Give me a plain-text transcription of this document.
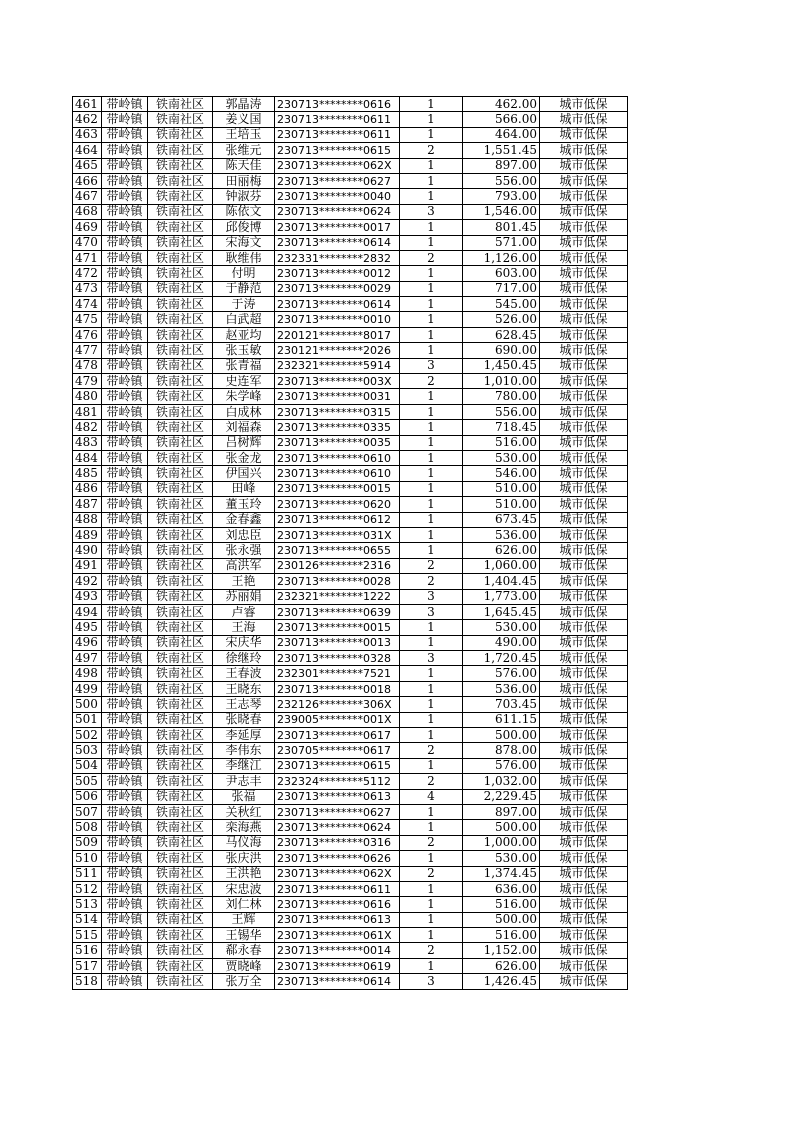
461	带岭镇	铁南社区	郭晶涛	230713********0616	1	462.00	城市低保
462	带岭镇	铁南社区	姜义国	230713********0611	1	566.00	城市低保
463	带岭镇	铁南社区	王培玉	230713********0611	1	464.00	城市低保
464	带岭镇	铁南社区	张维元	230713********0615	2	1,551.45	城市低保
465	带岭镇	铁南社区	陈天佳	230713********062X	1	897.00	城市低保
466	带岭镇	铁南社区	田丽梅	230713********0627	1	556.00	城市低保
467	带岭镇	铁南社区	钟淑芬	230713********0040	1	793.00	城市低保
468	带岭镇	铁南社区	陈依文	230713********0624	3	1,546.00	城市低保
469	带岭镇	铁南社区	邱俊博	230713********0017	1	801.45	城市低保
470	带岭镇	铁南社区	宋海文	230713********0614	1	571.00	城市低保
471	带岭镇	铁南社区	耿维伟	232331********2832	2	1,126.00	城市低保
472	带岭镇	铁南社区	付明	230713********0012	1	603.00	城市低保
473	带岭镇	铁南社区	于静范	230713********0029	1	717.00	城市低保
474	带岭镇	铁南社区	于涛	230713********0614	1	545.00	城市低保
475	带岭镇	铁南社区	白武超	230713********0010	1	526.00	城市低保
476	带岭镇	铁南社区	赵亚均	220121********8017	1	628.45	城市低保
477	带岭镇	铁南社区	张玉敏	230121********2026	1	690.00	城市低保
478	带岭镇	铁南社区	张青福	232321********5914	3	1,450.45	城市低保
479	带岭镇	铁南社区	史连军	230713********003X	2	1,010.00	城市低保
480	带岭镇	铁南社区	朱学峰	230713********0031	1	780.00	城市低保
481	带岭镇	铁南社区	白成林	230713********0315	1	556.00	城市低保
482	带岭镇	铁南社区	刘福森	230713********0335	1	718.45	城市低保
483	带岭镇	铁南社区	吕树辉	230713********0035	1	516.00	城市低保
484	带岭镇	铁南社区	张金龙	230713********0610	1	530.00	城市低保
485	带岭镇	铁南社区	伊国兴	230713********0610	1	546.00	城市低保
486	带岭镇	铁南社区	田峰	230713********0015	1	510.00	城市低保
487	带岭镇	铁南社区	董玉玲	230713********0620	1	510.00	城市低保
488	带岭镇	铁南社区	金春鑫	230713********0612	1	673.45	城市低保
489	带岭镇	铁南社区	刘忠臣	230713********031X	1	536.00	城市低保
490	带岭镇	铁南社区	张永强	230713********0655	1	626.00	城市低保
491	带岭镇	铁南社区	高洪军	230126********2316	2	1,060.00	城市低保
492	带岭镇	铁南社区	王艳	230713********0028	2	1,404.45	城市低保
493	带岭镇	铁南社区	苏丽娟	232321********1222	3	1,773.00	城市低保
494	带岭镇	铁南社区	卢睿	230713********0639	3	1,645.45	城市低保
495	带岭镇	铁南社区	王海	230713********0015	1	530.00	城市低保
496	带岭镇	铁南社区	宋庆华	230713********0013	1	490.00	城市低保
497	带岭镇	铁南社区	徐继玲	230713********0328	3	1,720.45	城市低保
498	带岭镇	铁南社区	王春波	232301********7521	1	576.00	城市低保
499	带岭镇	铁南社区	王晓东	230713********0018	1	536.00	城市低保
500	带岭镇	铁南社区	王志琴	232126********306X	1	703.45	城市低保
501	带岭镇	铁南社区	张晓春	239005********001X	1	611.15	城市低保
502	带岭镇	铁南社区	李延厚	230713********0617	1	500.00	城市低保
503	带岭镇	铁南社区	李伟东	230705********0617	2	878.00	城市低保
504	带岭镇	铁南社区	李继江	230713********0615	1	576.00	城市低保
505	带岭镇	铁南社区	尹志丰	232324********5112	2	1,032.00	城市低保
506	带岭镇	铁南社区	张福	230713********0613	4	2,229.45	城市低保
507	带岭镇	铁南社区	关秋红	230713********0627	1	897.00	城市低保
508	带岭镇	铁南社区	栾海燕	230713********0624	1	500.00	城市低保
509	带岭镇	铁南社区	马仪海	230713********0316	2	1,000.00	城市低保
510	带岭镇	铁南社区	张庆洪	230713********0626	1	530.00	城市低保
511	带岭镇	铁南社区	王洪艳	230713********062X	2	1,374.45	城市低保
512	带岭镇	铁南社区	宋忠波	230713********0611	1	636.00	城市低保
513	带岭镇	铁南社区	刘仁林	230713********0616	1	516.00	城市低保
514	带岭镇	铁南社区	王辉	230713********0613	1	500.00	城市低保
515	带岭镇	铁南社区	王锡华	230713********061X	1	516.00	城市低保
516	带岭镇	铁南社区	郗永春	230713********0014	2	1,152.00	城市低保
517	带岭镇	铁南社区	贾晓峰	230713********0619	1	626.00	城市低保
518	带岭镇	铁南社区	张万全	230713********0614	3	1,426.45	城市低保
